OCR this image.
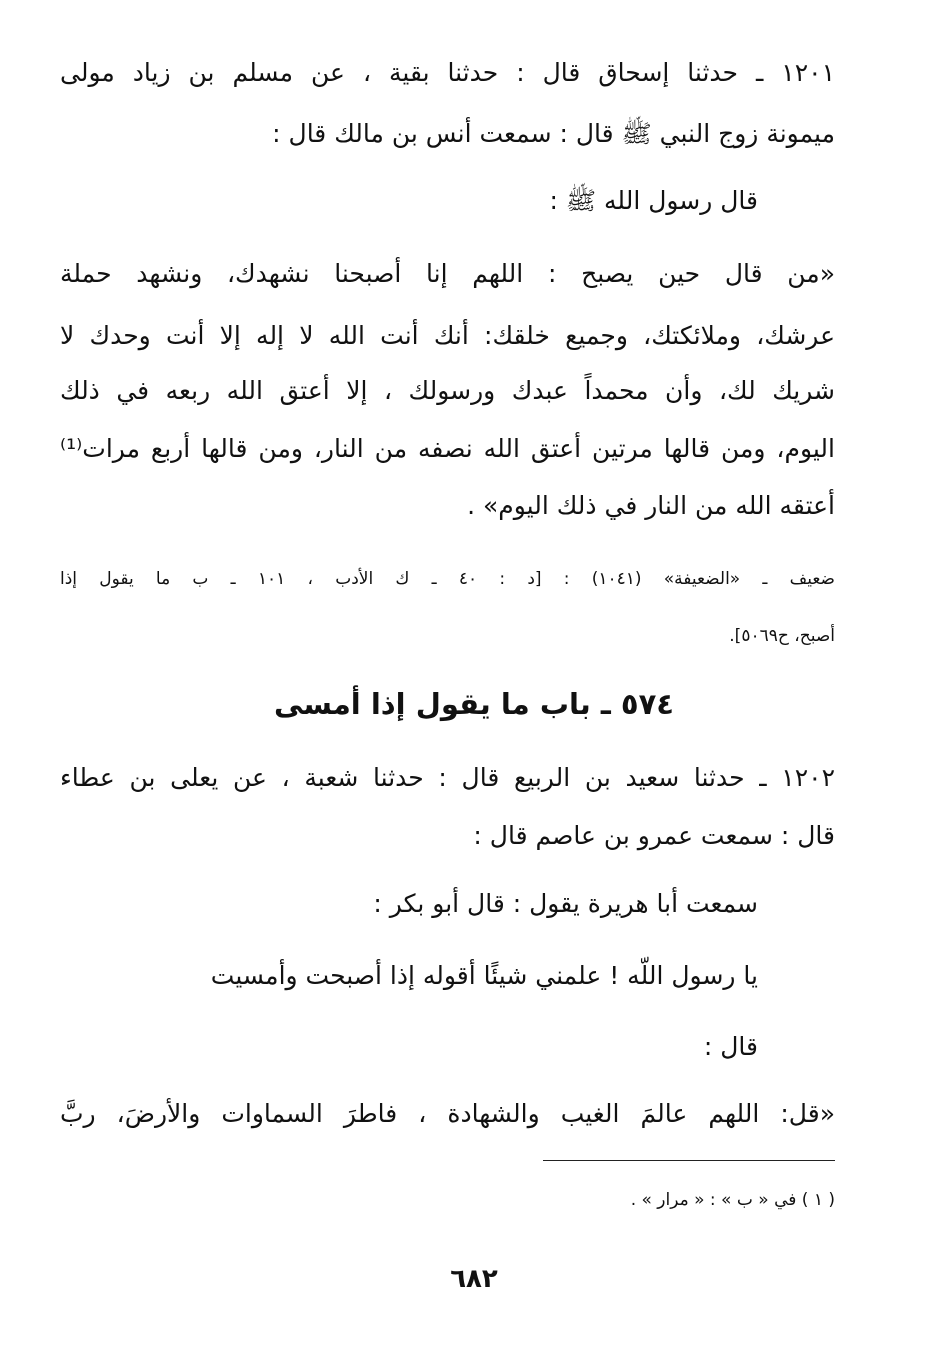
١٢٠١ ـ حدثنا إسحاق قال : حدثنا بقية ، عن مسلم بن زياد مولى
ميمونة زوج النبي ﷺ قال : سمعت أنس بن مالك قال :
قال رسول الله ﷺ :
«من قال حين يصبح : اللهم إنا أصبحنا نشهدك، ونشهد حملة
عرشك، وملائكتك، وجميع خلقك: أنك أنت الله لا إله إلا أنت وحدك لا
شريك لك، وأن محمداً عبدك ورسولك ، إلا أعتق الله ربعه في ذلك
اليوم، ومن قالها مرتين أعتق الله نصفه من النار، ومن قالها أربع مرات⁽¹⁾
أعتقه الله من النار في ذلك اليوم» .
ضعيف ـ «الضعيفة» (١٠٤١) : [د : ٤٠ ـ ك الأدب ، ١٠١ ـ ب ما يقول إذا
أصبح، ح٥٠٦٩].
٥٧٤ ـ باب ما يقول إذا أمسى
١٢٠٢ ـ حدثنا سعيد بن الربيع قال : حدثنا شعبة ، عن يعلى بن عطاء
قال : سمعت عمرو بن عاصم قال :
سمعت أبا هريرة يقول : قال أبو بكر :
يا رسول اللّه ! علمني شيئًا أقوله إذا أصبحت وأمسيت
قال :
«قل: اللهم عالمَ الغيب والشهادة ، فاطرَ السماوات والأرضَ، ربَّ
( ١ ) في « ب » : « مرار » .
٦٨٢
